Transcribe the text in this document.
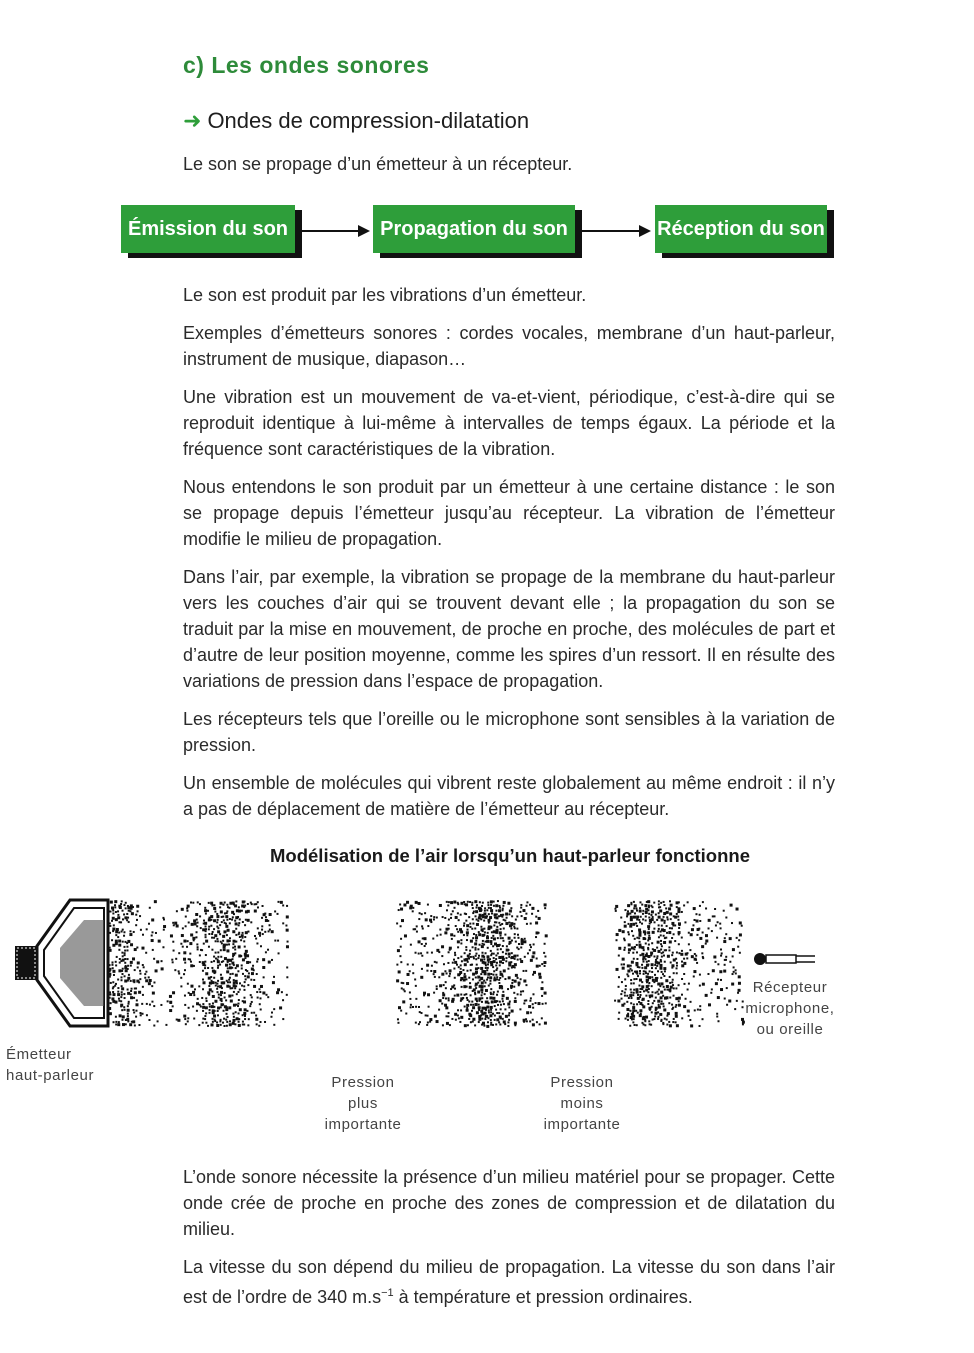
c) Les ondes sonores
➜ Ondes de compression-dilatation
Le son se propage d’un émetteur à un récepteur.
Émission du son	Propagation du son	Réception du son

Le son est produit par les vibrations d’un émetteur.

Exemples d’émetteurs sonores : cordes vocales, membrane d’un haut-parleur, instrument de musique, diapason…

Une vibration est un mouvement de va-et-vient, périodique, c’est-à-dire qui se reproduit identique à lui-même à intervalles de temps égaux. La période et la fréquence sont caractéristiques de la vibration.

Nous entendons le son produit par un émetteur à une certaine distance : le son se propage depuis l’émetteur jusqu’au récepteur. La vibration de l’émetteur modifie le milieu de propagation.

Dans l’air, par exemple, la vibration se propage de la membrane du haut-parleur vers les couches d’air qui se trouvent devant elle ; la propagation du son se traduit par la mise en mouvement, de proche en proche, des molécules de part et d’autre de leur position moyenne, comme les spires d’un ressort. Il en résulte des variations de pression dans l’espace de propagation.

Les récepteurs tels que l’oreille ou le microphone sont sensibles à la variation de pression.

Un ensemble de molécules qui vibrent reste globalement au même endroit : il n’y a pas de déplacement de matière de l’émetteur au récepteur.

Modélisation de l’air lorsqu’un haut-parleur fonctionne
Émetteur
haut-parleur
Récepteur
microphone,
ou oreille
Pression
plus
importante
Pression
moins
importante

L’onde sonore nécessite la présence d’un milieu matériel pour se propager. Cette onde crée de proche en proche des zones de compression et de dilatation du milieu.

La vitesse du son dépend du milieu de propagation. La vitesse du son dans l’air est de l’ordre de 340 $m.s^{-1}$ à température et pression ordinaires.
